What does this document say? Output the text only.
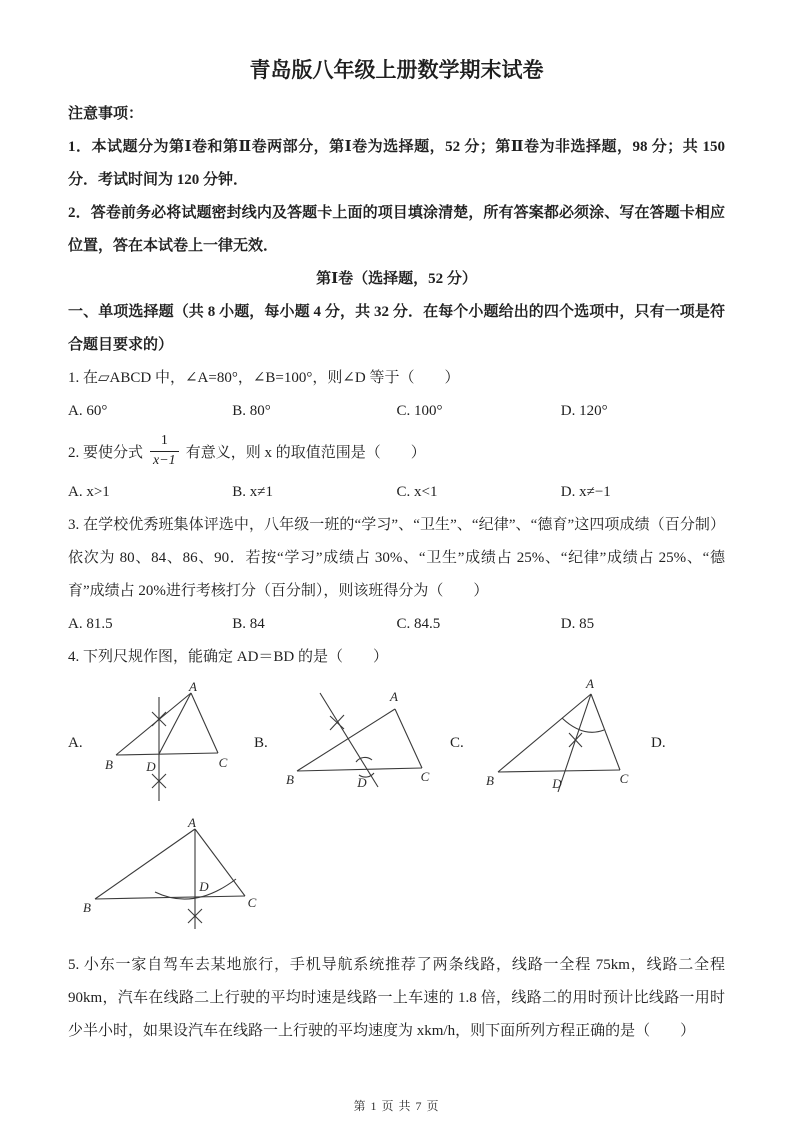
青岛版八年级上册数学期末试卷

注意事项：

1．本试题分为第Ⅰ卷和第Ⅱ卷两部分，第Ⅰ卷为选择题，52 分；第Ⅱ卷为非选择题，98 分；共 150 分．考试时间为 120 分钟．

2．答卷前务必将试题密封线内及答题卡上面的项目填涂清楚，所有答案都必须涂、写在答题卡相应位置，答在本试卷上一律无效．

第Ⅰ卷（选择题，52 分）

一、单项选择题（共 8 小题，每小题 4 分，共 32 分．在每个小题给出的四个选项中，只有一项是符合题目要求的）

1. 在▱ABCD 中，∠A=80°，∠B=100°，则∠D 等于（　　）

A. 60°	B. 80°	C. 100°	D. 120°
2. 要使分式 $\frac{1}{x-1}$ 有意义，则 x 的取值范围是（　　）
A. x>1	B. x≠1	C. x<1	D. x≠−1

3. 在学校优秀班集体评选中，八年级一班的“学习”、“卫生”、“纪律”、“德育”这四项成绩（百分制）依次为 80、84、86、90．若按“学习”成绩占 30%、“卫生”成绩占 25%、“纪律”成绩占 25%、“德育”成绩占 20%进行考核打分（百分制），则该班得分为（　　）

A. 81.5	B. 84	C. 84.5	D. 85

4. 下列尺规作图，能确定 AD＝BD 的是（　　）

A.
A
B	C
D
B.
A
B	C
D
C.
A
B	C
D
D.
A
B	C
D

5. 小东一家自驾车去某地旅行，手机导航系统推荐了两条线路，线路一全程 75km，线路二全程 90km，汽车在线路二上行驶的平均时速是线路一上车速的 1.8 倍，线路二的用时预计比线路一用时少半小时，如果设汽车在线路一上行驶的平均速度为 xkm/h，则下面所列方程正确的是（　　）

第 1 页 共 7 页
